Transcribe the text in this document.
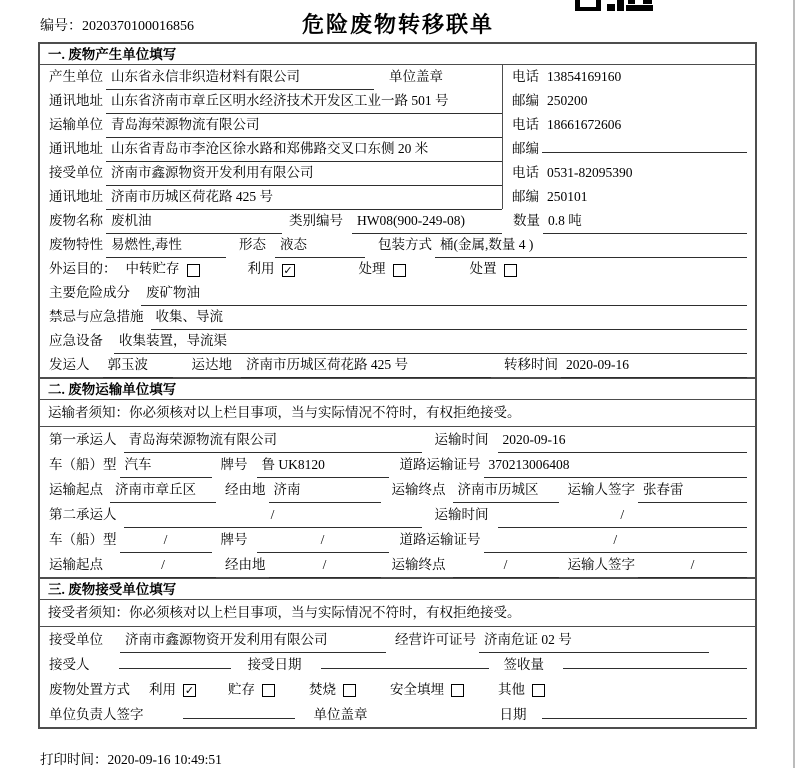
编号：2020370100016856	危险废物转移联单
一. 废物产生单位填写
产生单位 山东省永信非织造材料有限公司	单位盖章	电话 13854169160
通讯地址 山东省济南市章丘区明水经济技术开发区工业一路 501 号	邮编 250200
运输单位 青岛海荣源物流有限公司	电话 18661672606
通讯地址 山东省青岛市李沧区徐水路和郑佛路交叉口东侧 20 米	邮编
接受单位 济南市鑫源物资开发利用有限公司	电话 0531-82095390
通讯地址 济南市历城区荷花路 425 号	邮编 250101
废物名称 废机油	类别编号	HW08(900-249-08)	数量 0.8 吨
废物特性 易燃性,毒性	形态	液态	包装方式 桶(金属,数量 4 )
外运目的： 中转贮存	利用 ✓	处理	处置
主要危险成分	废矿物油
禁忌与应急措施 收集、导流
应急设备	收集装置，导流渠
发运人	郭玉波	运达地	济南市历城区荷花路 425 号	转移时间 2020-09-16
二. 废物运输单位填写
运输者须知：你必须核对以上栏目事项，当与实际情况不符时，有权拒绝接受。
第一承运人 青岛海荣源物流有限公司	运输时间	2020-09-16
车（船）型 汽车	牌号	鲁 UK8120	道路运输证号 370213006408
运输起点 济南市章丘区	经由地 济南	运输终点 济南市历城区	运输人签字 张春雷
第二承运人	/	运输时间	/
车（船）型	/	牌号	/	道路运输证号	/
运输起点	/	经由地	/	运输终点	/	运输人签字	/
三. 废物接受单位填写
接受者须知：你必须核对以上栏目事项，当与实际情况不符时，有权拒绝接受。
接受单位	济南市鑫源物资开发利用有限公司	经营许可证号 济南危证 02 号
接受人	接受日期	签收量
废物处置方式 利用 ✓	贮存	焚烧	安全填埋	其他
单位负责人签字	单位盖章	日期
打印时间：2020-09-16 10:49:51
